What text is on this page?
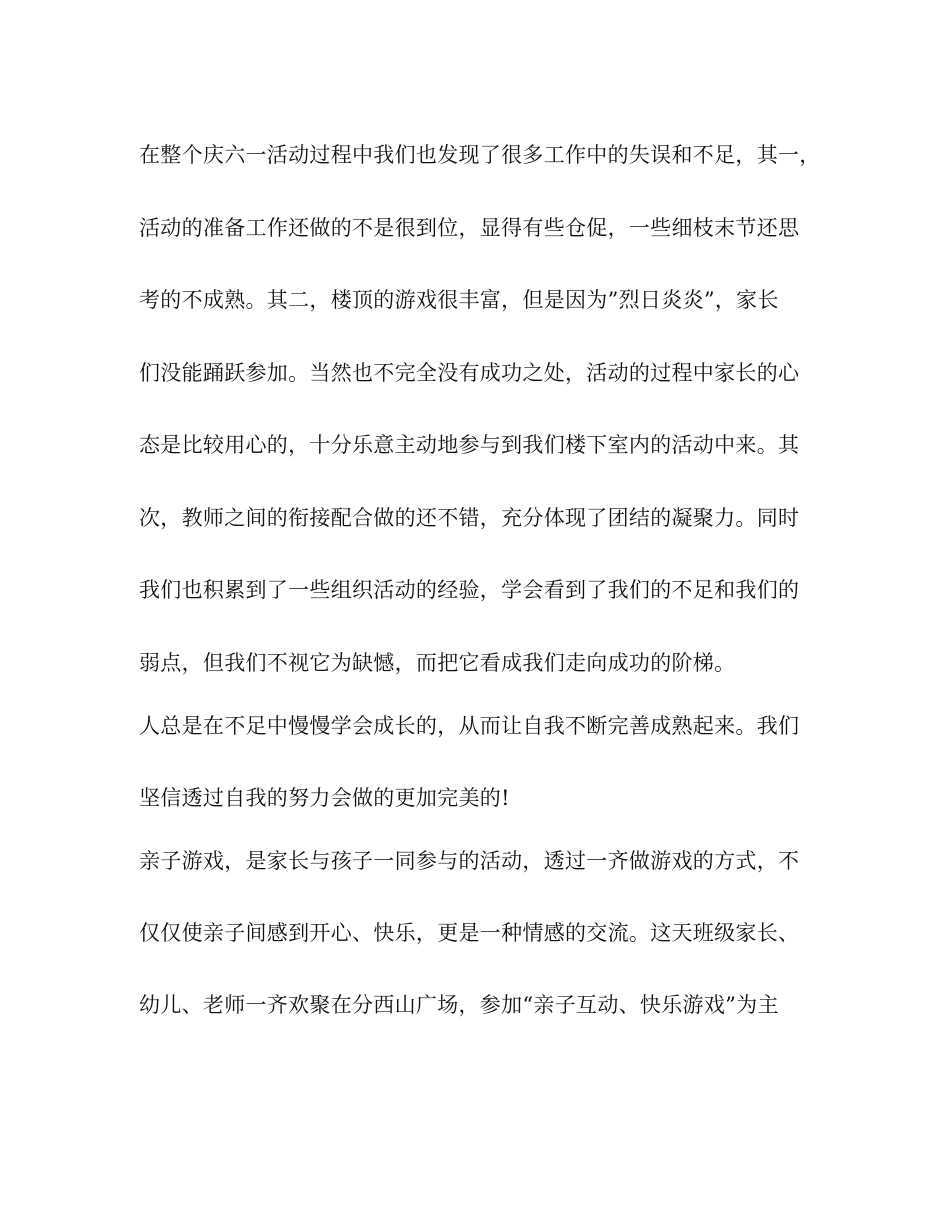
在整个庆六一活动过程中我们也发现了很多工作中的失误和不足，其一，
活动的准备工作还做的不是很到位，显得有些仓促，一些细枝末节还思
考的不成熟。其二，楼顶的游戏很丰富，但是因为”烈日炎炎”，家长
们没能踊跃参加。当然也不完全没有成功之处，活动的过程中家长的心
态是比较用心的，十分乐意主动地参与到我们楼下室内的活动中来。其
次，教师之间的衔接配合做的还不错，充分体现了团结的凝聚力。同时
我们也积累到了一些组织活动的经验，学会看到了我们的不足和我们的
弱点，但我们不视它为缺憾，而把它看成我们走向成功的阶梯。
人总是在不足中慢慢学会成长的，从而让自我不断完善成熟起来。我们
坚信透过自我的努力会做的更加完美的!
亲子游戏，是家长与孩子一同参与的活动，透过一齐做游戏的方式，不
仅仅使亲子间感到开心、快乐，更是一种情感的交流。这天班级家长、
幼儿、老师一齐欢聚在分西山广场，参加“亲子互动、快乐游戏”为主
